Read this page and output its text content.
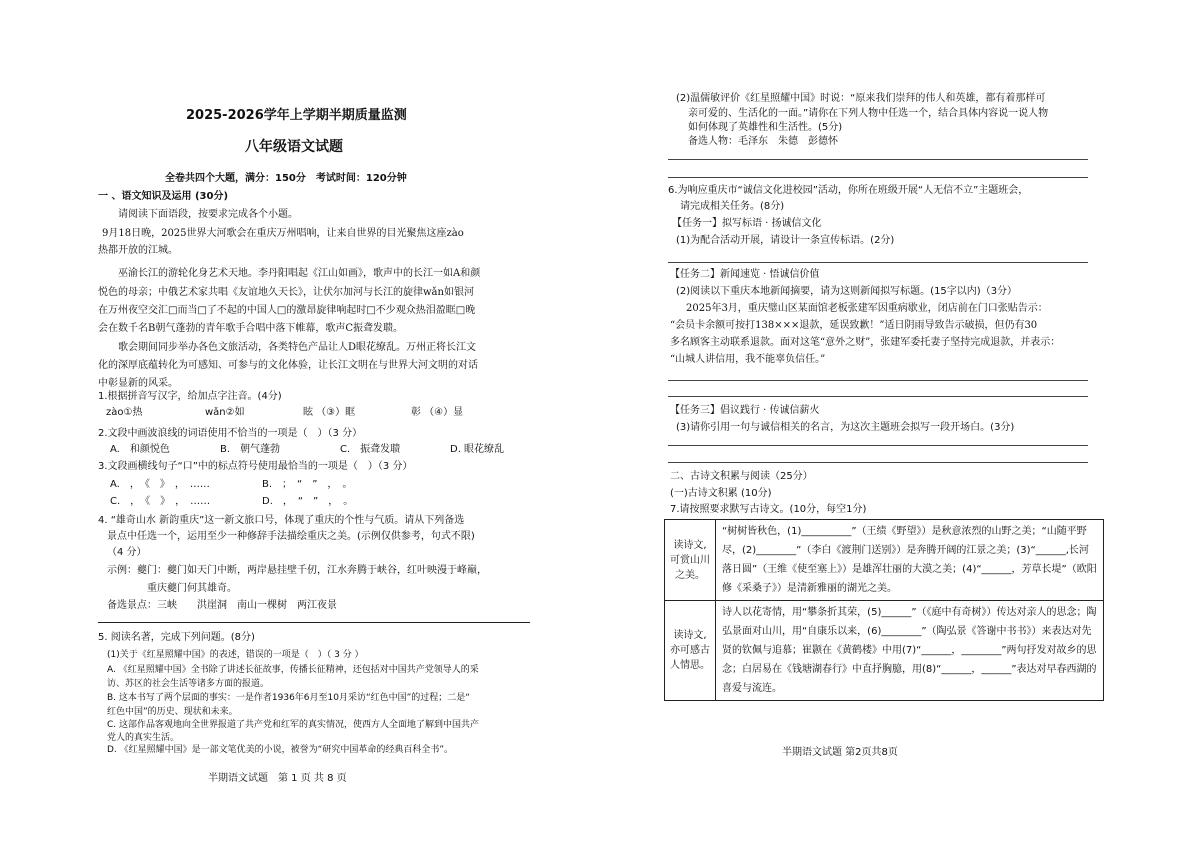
2025-2026学年上学期半期质量监测
八年级语文试题
全卷共四个大题，满分：150分　考试时间：120分钟
一 、语文知识及运用 (30分)
请阅读下面语段，按要求完成各个小题。
9月18日晚，2025世界大河歌会在重庆万州唱响，让来自世界的目光聚焦这座zào
热都开放的江城。
巫渝长江的游轮化身艺术天地。李丹阳唱起《江山如画》，歌声中的长江一如A和颜
悦色的母亲；中俄艺术家共唱《友谊地久天长》，让伏尔加河与长江的旋律wǎn如银河
在万州夜空交汇□而当□了不起的中国人□的激昂旋律响起时□不少观众热泪盈眶□晚
会在数千名B朝气蓬勃的青年歌手合唱中落下帷幕，歌声C振聋发聩。
歌会期间同步举办各色文旅活动，各类特色产品让人D眼花缭乱。万州正将长江文
化的深厚底蕴转化为可感知、可参与的文化体验，让长江文明在与世界大河文明的对话
中彰显新的风采。
1.根据拼音写汉字，给加点字注音。(4分)
zào①热	wǎn②如	眩 （③）眶	彰 （④）显
2.文段中画波浪线的词语使用不恰当的一项是（　）（3 分）
A.　和颜悦色	B.　朝气蓬勃	C.　振聋发聩	D. 眼花缭乱
3.文段画横线句子“口”中的标点符号使用最恰当的一项是（　）（3 分）
A.　，　《　》　，　……	B.　；　“　”　，　。
C.　，　《　》　，　……	D.　，　“　”　，　。
4. “雄奇山水 新韵重庆”这一新文旅口号，体现了重庆的个性与气质。请从下列备选
景点中任选一个，运用至少一种修辞手法描绘重庆之美。(示例仅供参考，句式不限)
（4 分）
示例：夔门：夔门如天门中断，两岸悬挂壁千仞，江水奔腾于峡谷，红叶映漫于峰巅，
重庆夔门何其雄奇。
备选景点：三峡　　洪崖洞　南山一棵树　两江夜景
5. 阅读名著，完成下列问题。(8分)
(1)关于《红星照耀中国》的表述，错误的一项是（　）（ 3 分 ）
A. 《红星照耀中国》全书除了讲述长征故事，传播长征精神，还包括对中国共产党领导人的采
访、苏区的社会生活等诸多方面的报道。
B. 这本书写了两个层面的事实：一是作者1936年6月至10月采访“红色中国”的过程；二是“
红色中国”的历史、现状和未来。
C. 这部作品客观地向全世界报道了共产党和红军的真实情况，使西方人全面地了解到中国共产
党人的真实生活。
D. 《红星照耀中国》是一部文笔优美的小说，被誉为“研究中国革命的经典百科全书”。
半期语文试题　第 1 页 共 8 页
(2)温儒敏评价《红星照耀中国》时说：“原来我们崇拜的伟人和英雄，都有着那样可
亲可爱的、生活化的一面。”请你在下列人物中任选一个，结合具体内容说一说人物
如何体现了英雄性和生活性。(5分)
备选人物：毛泽东　朱德　彭德怀
6.为响应重庆市“诚信文化进校园”活动，你所在班级开展“人无信不立”主题班会，
请完成相关任务。(8分)
【任务一】拟写标语 · 扬诚信文化
(1)为配合活动开展，请设计一条宣传标语。(2分)
【任务二】新闻速览 · 悟诚信价值
(2)阅读以下重庆本地新闻摘要，请为这则新闻拟写标题。(15字以内)（3分）
2025年3月，重庆璧山区某面馆老板张建军因重病歇业，闭店前在门口张贴告示：
“会员卡余额可按打138×××退款，延误致歉！”适日阴雨导致告示破损，但仍有30
多名顾客主动联系退款。面对这笔“意外之财”，张建军委托妻子坚持完成退款，并表示：
“山城人讲信用，我不能辜负信任。”
【任务三】倡议践行 · 传诚信薪火
(3)请你引用一句与诚信相关的名言，为这次主题班会拟写一段开场白。(3分)
二、古诗文积累与阅读（25分）
(一)古诗文积累 (10分)
7.请按照要求默写古诗文。(10分，每空1分)
读诗文,
可赏山川
之美。	“树树皆秋色，(1)__________”（王绩《野望》）是秋意浓烈的山野之美；“山随平野尽，(2)________”（李白《渡荆门送别》）是奔腾开阔的江景之美；(3)“______,长河落日圆”（王维《使至塞上》）是雄浑壮丽的大漠之美；(4)“______，芳草长堤”（欧阳修《采桑子》）是清新雅丽的湖光之美。

读诗文,
亦可感古
人情思。	诗人以花寄情，用“攀条折其荣，(5)______”（《庭中有奇树》）传达对亲人的思念；陶弘景面对山川，用“自康乐以来，(6)________”（陶弘景《答谢中书书》）来表达对先贤的钦佩与追慕；崔颢在《黄鹤楼》中用(7)“______，________”两句抒发对故乡的思念；白居易在《钱塘湖春行》中直抒胸臆，用(8)“______，______”表达对早春西湖的喜爱与流连。
半期语文试题 第2页共8页
